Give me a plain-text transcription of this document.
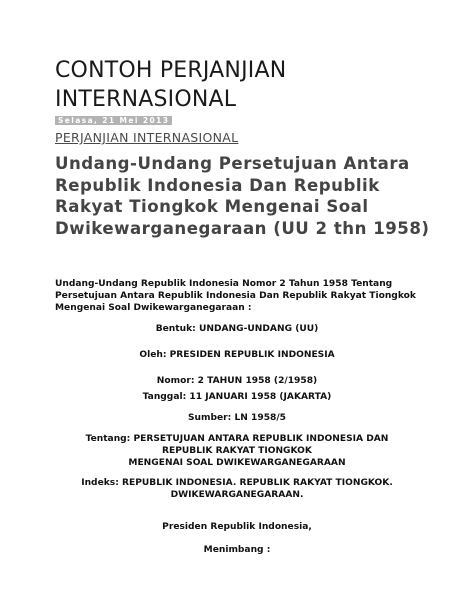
CONTOH PERJANJIAN INTERNASIONAL
Selasa, 21 Mei 2013
PERJANJIAN INTERNASIONAL
Undang-Undang Persetujuan Antara Republik Indonesia Dan Republik Rakyat Tiongkok Mengenai Soal Dwikewarganegaraan (UU 2 thn 1958)
Undang-Undang Republik Indonesia Nomor 2 Tahun 1958 Tentang Persetujuan Antara Republik Indonesia Dan Republik Rakyat Tiongkok Mengenai Soal Dwikewarganegaraan :
Bentuk: UNDANG-UNDANG (UU)
Oleh: PRESIDEN REPUBLIK INDONESIA
Nomor: 2 TAHUN 1958 (2/1958)
Tanggal: 11 JANUARI 1958 (JAKARTA)
Sumber: LN 1958/5
Tentang: PERSETUJUAN ANTARA REPUBLIK INDONESIA DAN
REPUBLIK RAKYAT TIONGKOK
MENGENAI SOAL DWIKEWARGANEGARAAN
Indeks: REPUBLIK INDONESIA. REPUBLIK RAKYAT TIONGKOK.
DWIKEWARGANEGARAAN.
Presiden Republik Indonesia,
Menimbang :
